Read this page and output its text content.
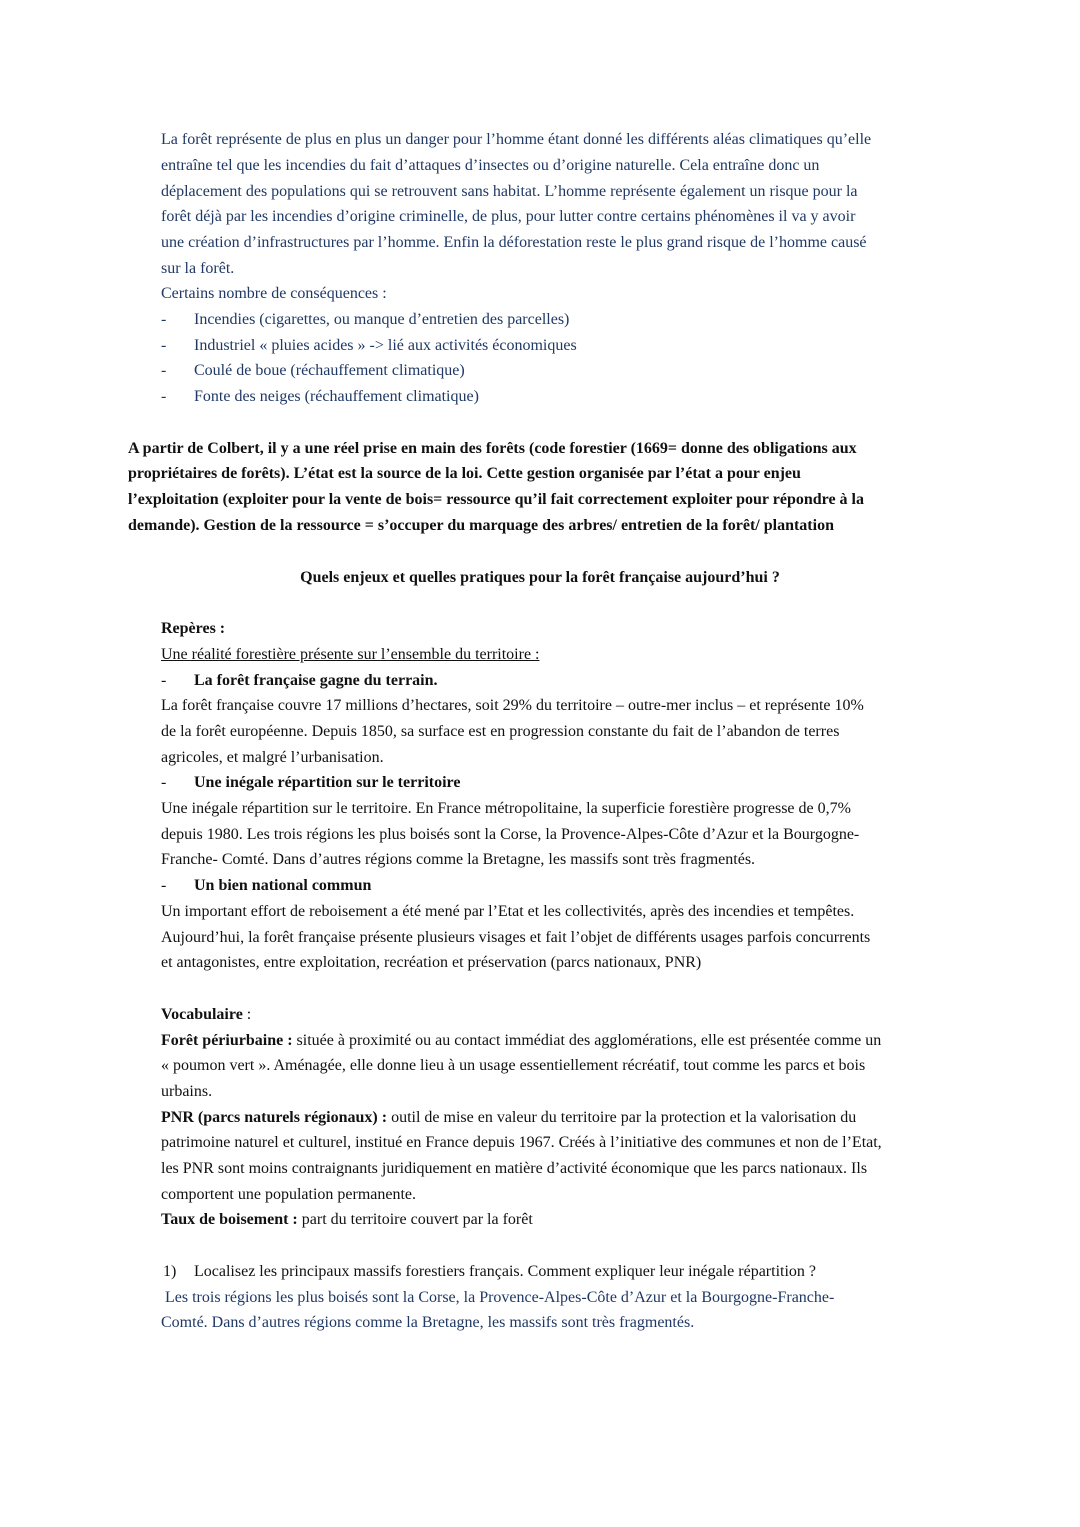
La forêt représente de plus en plus un danger pour l’homme étant donné les différents aléas climatiques qu’elle
entraîne tel que les incendies du fait d’attaques d’insectes ou d’origine naturelle. Cela entraîne donc un
déplacement des populations qui se retrouvent sans habitat. L’homme représente également un risque pour la
forêt déjà par les incendies d’origine criminelle, de plus, pour lutter contre certains phénomènes il va y avoir
une création d’infrastructures par l’homme. Enfin la déforestation reste le plus grand risque de l’homme causé
sur la forêt.
Certains nombre de conséquences :
- Incendies (cigarettes, ou manque d’entretien des parcelles)
- Industriel « pluies acides » -> lié aux activités économiques
- Coulé de boue (réchauffement climatique)
- Fonte des neiges (réchauffement climatique)
A partir de Colbert, il y a une réel prise en main des forêts (code forestier (1669= donne des obligations aux
propriétaires de forêts). L’état est la source de la loi. Cette gestion organisée par l’état a pour enjeu
l’exploitation (exploiter pour la vente de bois= ressource qu’il fait correctement exploiter pour répondre à la
demande). Gestion de la ressource = s’occuper du marquage des arbres/ entretien de la forêt/ plantation
Quels enjeux et quelles pratiques pour la forêt française aujourd’hui ?
Repères :
Une réalité forestière présente sur l’ensemble du territoire :
- La forêt française gagne du terrain.
La forêt française couvre 17 millions d’hectares, soit 29% du territoire – outre-mer inclus – et représente 10%
de la forêt européenne. Depuis 1850, sa surface est en progression constante du fait de l’abandon de terres
agricoles, et malgré l’urbanisation.
- Une inégale répartition sur le territoire
Une inégale répartition sur le territoire. En France métropolitaine, la superficie forestière progresse de 0,7%
depuis 1980. Les trois régions les plus boisés sont la Corse, la Provence-Alpes-Côte d’Azur et la Bourgogne-
Franche- Comté. Dans d’autres régions comme la Bretagne, les massifs sont très fragmentés.
- Un bien national commun
Un important effort de reboisement a été mené par l’Etat et les collectivités, après des incendies et tempêtes.
Aujourd’hui, la forêt française présente plusieurs visages et fait l’objet de différents usages parfois concurrents
et antagonistes, entre exploitation, recréation et préservation (parcs nationaux, PNR)
Vocabulaire :
Forêt périurbaine : située à proximité ou au contact immédiat des agglomérations, elle est présentée comme un
« poumon vert ». Aménagée, elle donne lieu à un usage essentiellement récréatif, tout comme les parcs et bois
urbains.
PNR (parcs naturels régionaux) : outil de mise en valeur du territoire par la protection et la valorisation du
patrimoine naturel et culturel, institué en France depuis 1967. Créés à l’initiative des communes et non de l’Etat,
les PNR sont moins contraignants juridiquement en matière d’activité économique que les parcs nationaux. Ils
comportent une population permanente.
Taux de boisement : part du territoire couvert par la forêt
1) Localisez les principaux massifs forestiers français. Comment expliquer leur inégale répartition ?
Les trois régions les plus boisés sont la Corse, la Provence-Alpes-Côte d’Azur et la Bourgogne-Franche-
Comté. Dans d’autres régions comme la Bretagne, les massifs sont très fragmentés.
